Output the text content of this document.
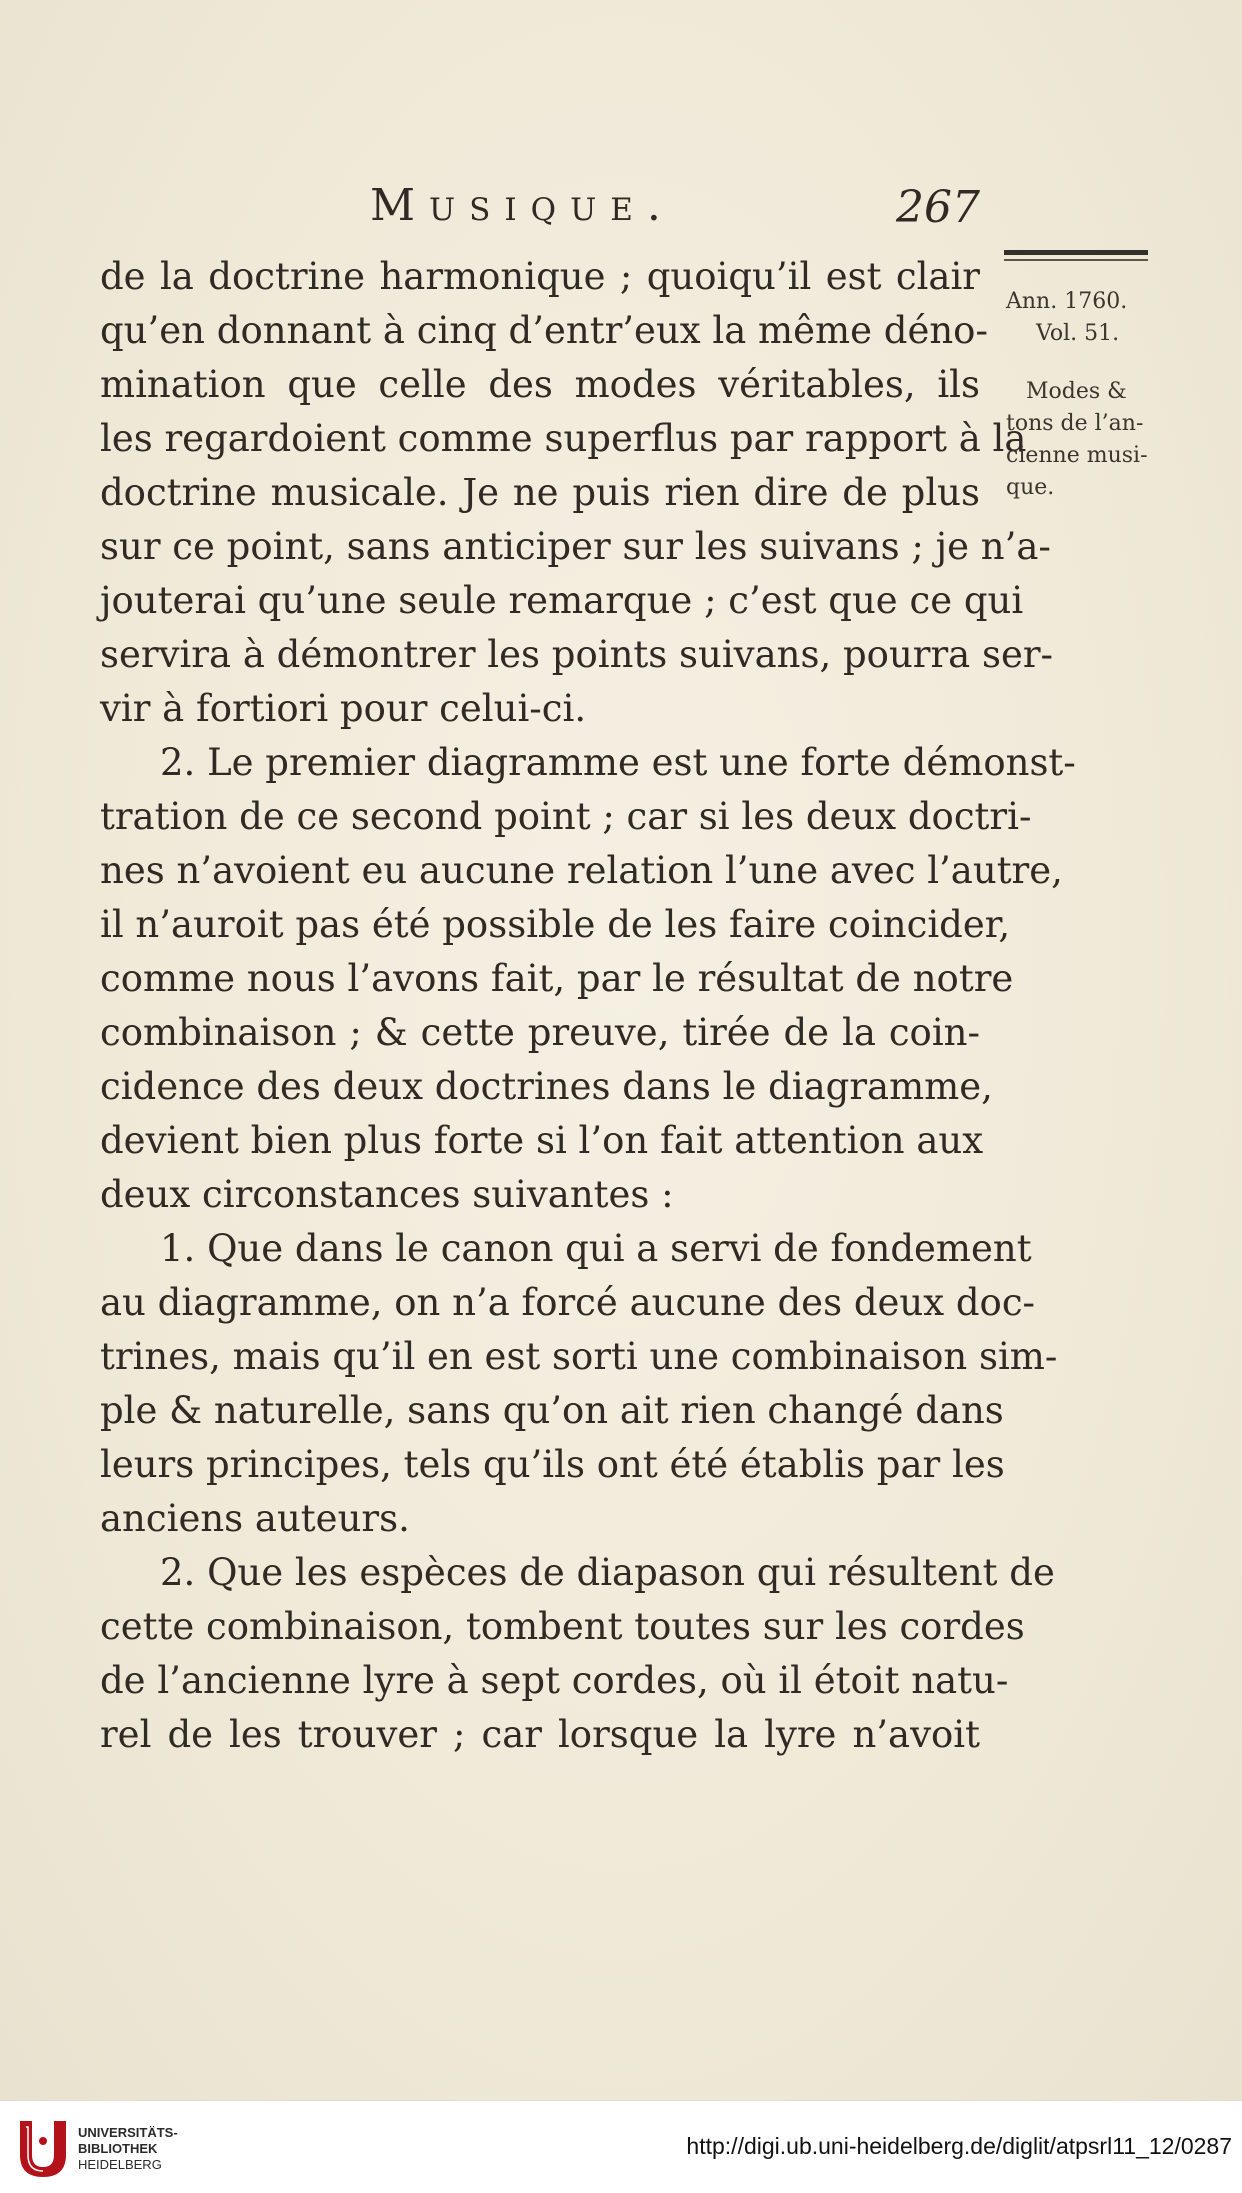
Musique.	267
de la doctrine harmonique ; quoiqu’il est clair
qu’en donnant à cinq d’entr’eux la même déno-
mination que celle des modes véritables, ils
les regardoient comme superflus par rapport à la
doctrine musicale. Je ne puis rien dire de plus
sur ce point, sans anticiper sur les suivans ; je n’a-
jouterai qu’une seule remarque ; c’est que ce qui
servira à démontrer les points suivans, pourra ser-
vir à fortiori pour celui-ci.
2. Le premier diagramme est une forte démonst-
tration de ce second point ; car si les deux doctri-
nes n’avoient eu aucune relation l’une avec l’autre,
il n’auroit pas été possible de les faire coincider,
comme nous l’avons fait, par le résultat de notre
combinaison ; & cette preuve, tirée de la coin-
cidence des deux doctrines dans le diagramme,
devient bien plus forte si l’on fait attention aux
deux circonstances suivantes :
1. Que dans le canon qui a servi de fondement
au diagramme, on n’a forcé aucune des deux doc-
trines, mais qu’il en est sorti une combinaison sim-
ple & naturelle, sans qu’on ait rien changé dans
leurs principes, tels qu’ils ont été établis par les
anciens auteurs.
2. Que les espèces de diapason qui résultent de
cette combinaison, tombent toutes sur les cordes
de l’ancienne lyre à sept cordes, où il étoit natu-
rel de les trouver ; car lorsque la lyre n’avoit
Ann. 1760.
Vol. 51.
Modes &
tons de l’an-
cienne musi-
que.
UNIVERSITÄTS-
BIBLIOTHEK
HEIDELBERG
http://digi.ub.uni-heidelberg.de/diglit/atpsrl11_12/0287
